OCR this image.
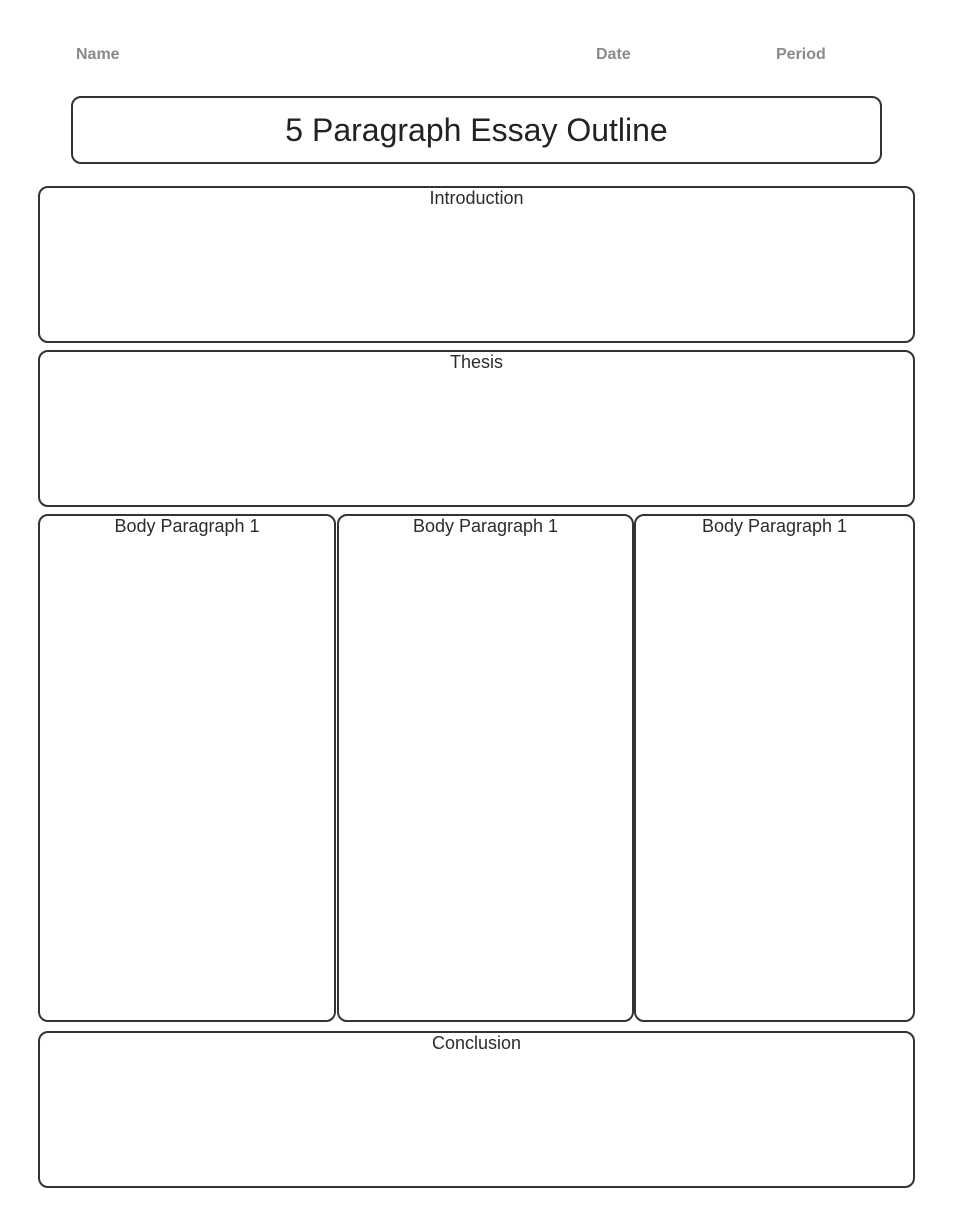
Name	Date	Period
5 Paragraph Essay Outline
Introduction
Thesis
Body Paragraph 1	Body Paragraph 1	Body Paragraph 1
Conclusion
